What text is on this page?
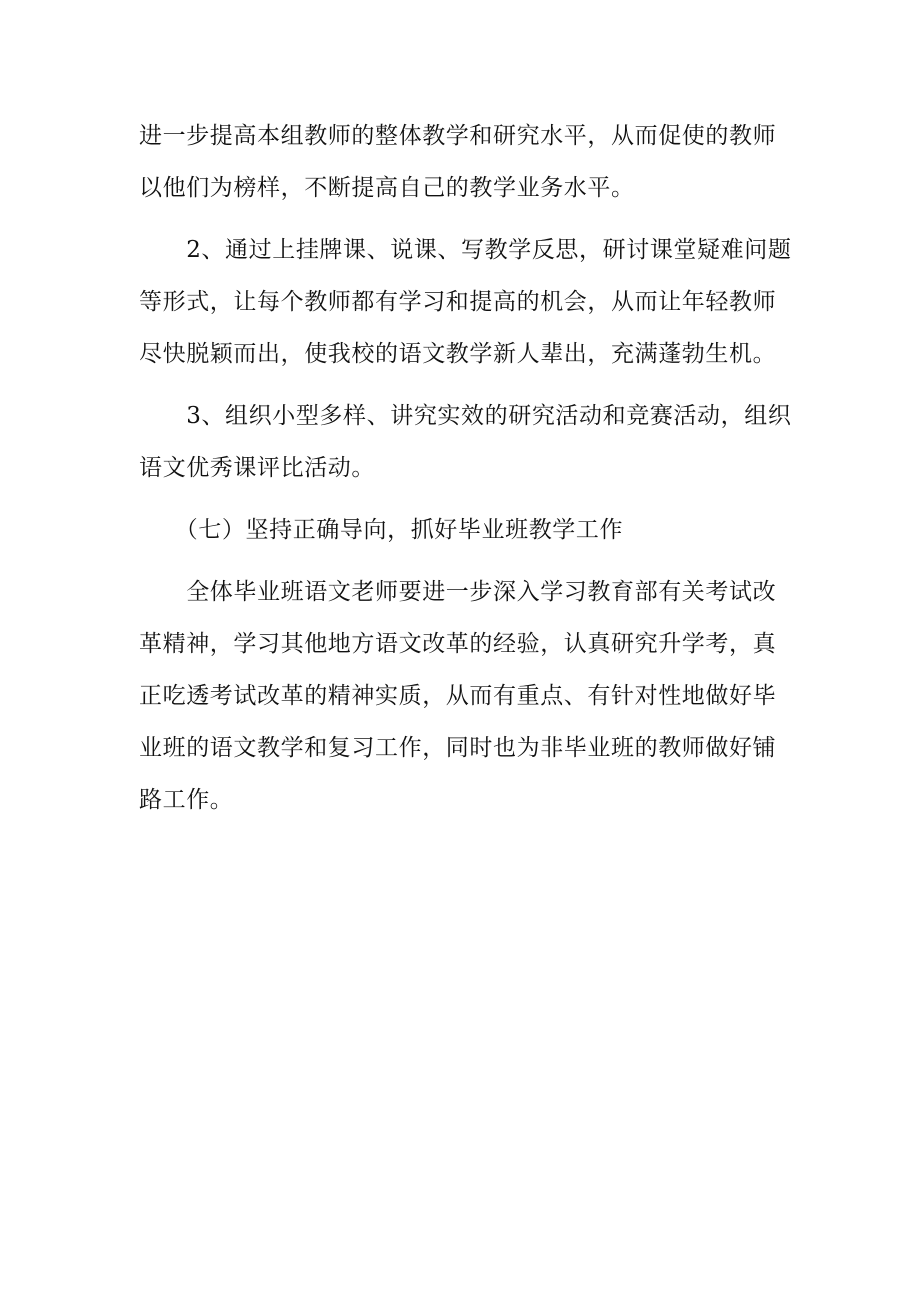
进一步提高本组教师的整体教学和研究水平，从而促使的教师
以他们为榜样，不断提高自己的教学业务水平。

　　2、通过上挂牌课、说课、写教学反思，研讨课堂疑难问题
等形式，让每个教师都有学习和提高的机会，从而让年轻教师
尽快脱颖而出，使我校的语文教学新人辈出，充满蓬勃生机。

　　3、组织小型多样、讲究实效的研究活动和竞赛活动，组织
语文优秀课评比活动。

　　（七）坚持正确导向，抓好毕业班教学工作

　　全体毕业班语文老师要进一步深入学习教育部有关考试改
革精神，学习其他地方语文改革的经验，认真研究升学考，真
正吃透考试改革的精神实质，从而有重点、有针对性地做好毕
业班的语文教学和复习工作，同时也为非毕业班的教师做好铺
路工作。
